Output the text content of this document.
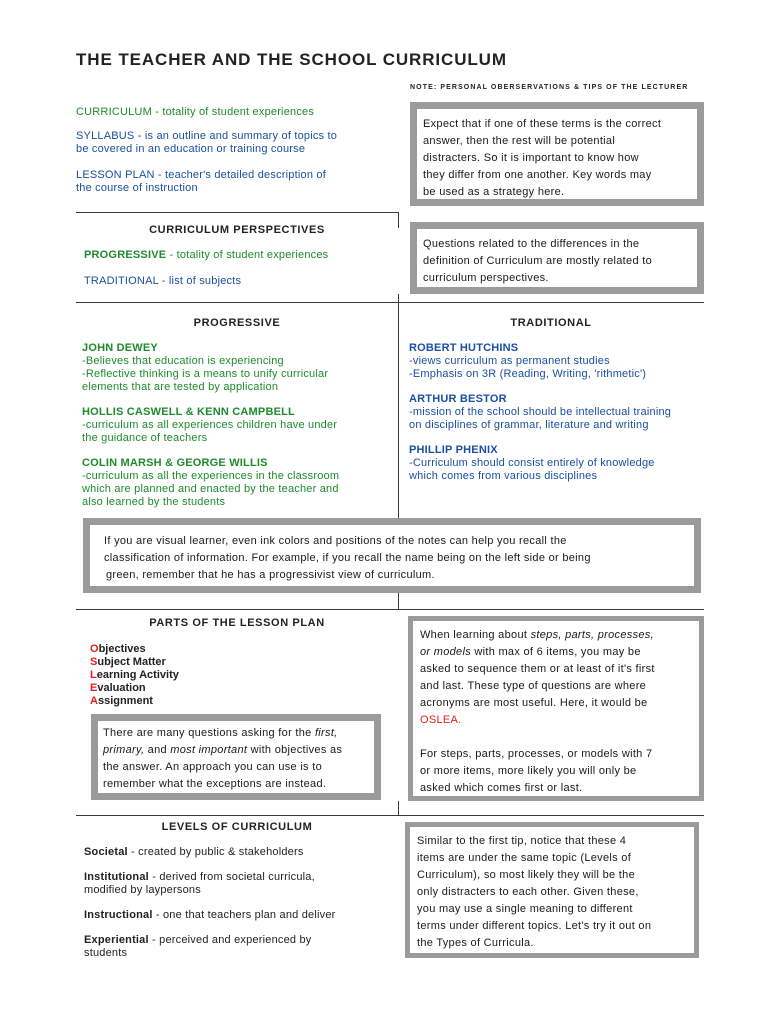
THE TEACHER AND THE SCHOOL CURRICULUM
NOTE: PERSONAL OBERSERVATIONS & TIPS OF THE LECTURER
CURRICULUM - totality of student experiences
SYLLABUS - is an outline and summary of topics to
be covered in an education or training course
LESSON PLAN - teacher's detailed description of
the course of instruction
Expect that if one of these terms is the correct
answer, then the rest will be potential
distracters. So it is important to know how
they differ from one another. Key words may
be used as a strategy here.
CURRICULUM PERSPECTIVES
PROGRESSIVE - totality of student experiences
TRADITIONAL - list of subjects
Questions related to the differences in the
definition of Curriculum are mostly related to
curriculum perspectives.
PROGRESSIVE
JOHN DEWEY
-Believes that education is experiencing
-Reflective thinking is a means to unify curricular
elements that are tested by application
HOLLIS CASWELL & KENN CAMPBELL
-curriculum as all experiences children have under
the guidance of teachers
COLIN MARSH & GEORGE WILLIS
-curriculum as all the experiences in the classroom
which are planned and enacted by the teacher and
also learned by the students
TRADITIONAL
ROBERT HUTCHINS
-views curriculum as permanent studies
-Emphasis on 3R (Reading, Writing, 'rithmetic')
ARTHUR BESTOR
-mission of the school should be intellectual training
on disciplines of grammar, literature and writing
PHILLIP PHENIX
-Curriculum should consist entirely of knowledge
which comes from various disciplines
If you are visual learner, even ink colors and positions of the notes can help you recall the
classification of information. For example, if you recall the name being on the left side or being
green, remember that he has a progressivist view of curriculum.
PARTS OF THE LESSON PLAN
Objectives
Subject Matter
Learning Activity
Evaluation
Assignment
There are many questions asking for the first,
primary, and most important with objectives as
the answer. An approach you can use is to
remember what the exceptions are instead.
When learning about steps, parts, processes,
or models with max of 6 items, you may be
asked to sequence them or at least of it's first
and last. These type of questions are where
acronyms are most useful. Here, it would be
OSLEA.
For steps, parts, processes, or models with 7
or more items, more likely you will only be
asked which comes first or last.
LEVELS OF CURRICULUM
Societal - created by public & stakeholders
Institutional - derived from societal curricula,
modified by laypersons
Instructional - one that teachers plan and deliver
Experiential - perceived and experienced by
students
Similar to the first tip, notice that these 4
items are under the same topic (Levels of
Curriculum), so most likely they will be the
only distracters to each other. Given these,
you may use a single meaning to different
terms under different topics. Let's try it out on
the Types of Curricula.
